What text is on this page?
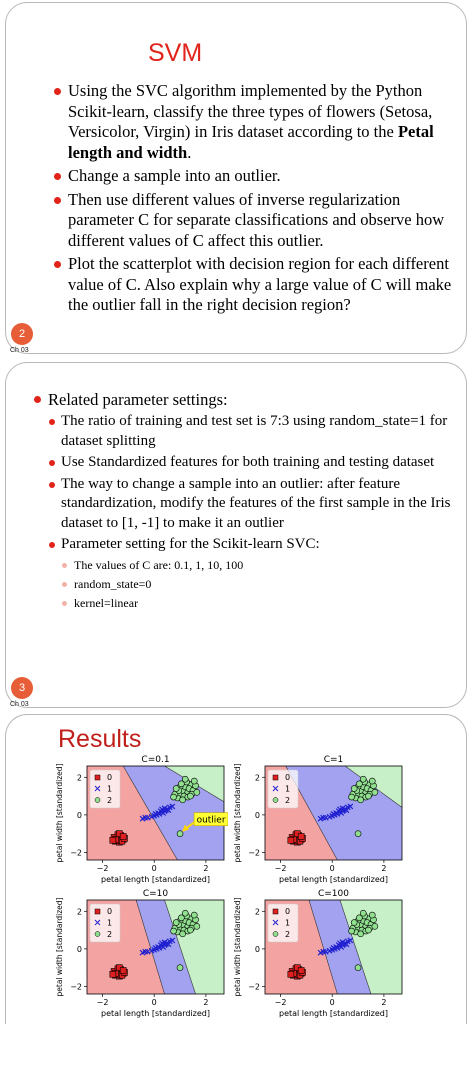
SVM
Using the SVC algorithm implemented by the Python Scikit-learn, classify the three types of flowers (Setosa, Versicolor, Virgin) in Iris dataset according to the Petal length and width.
Change a sample into an outlier.
Then use different values of inverse regularization parameter C for separate classifications and observe how different values of C affect this outlier.
Plot the scatterplot with decision region for each different value of C. Also explain why a large value of C will make the outlier fall in the right decision region?
2
Ch 03
Related parameter settings:
The ratio of training and test set is 7:3 using random_state=1 for dataset splitting
Use Standardized features for both training and testing dataset
The way to change a sample into an outlier: after feature standardization, modify the features of the first sample in the Iris dataset to [1, -1] to make it an outlier
Parameter setting for the Scikit-learn SVC:
The values of C are: 0.1, 1, 10, 100
random_state=0
kernel=linear
3
Ch 03
Results
0
1
2
−2	0	2
2
0
−2
C=0.1
petal length [standardized]
petal width [standardized]	outlier
0
1
2
−2	0	2
2
0
−2
C=1
petal length [standardized]
petal width [standardized]
0
1
2
−2	0	2
2
0
−2
C=10
petal length [standardized]
petal width [standardized]	0
1
2
−2	0	2
2
0
−2
C=100
petal length [standardized]
petal width [standardized]
